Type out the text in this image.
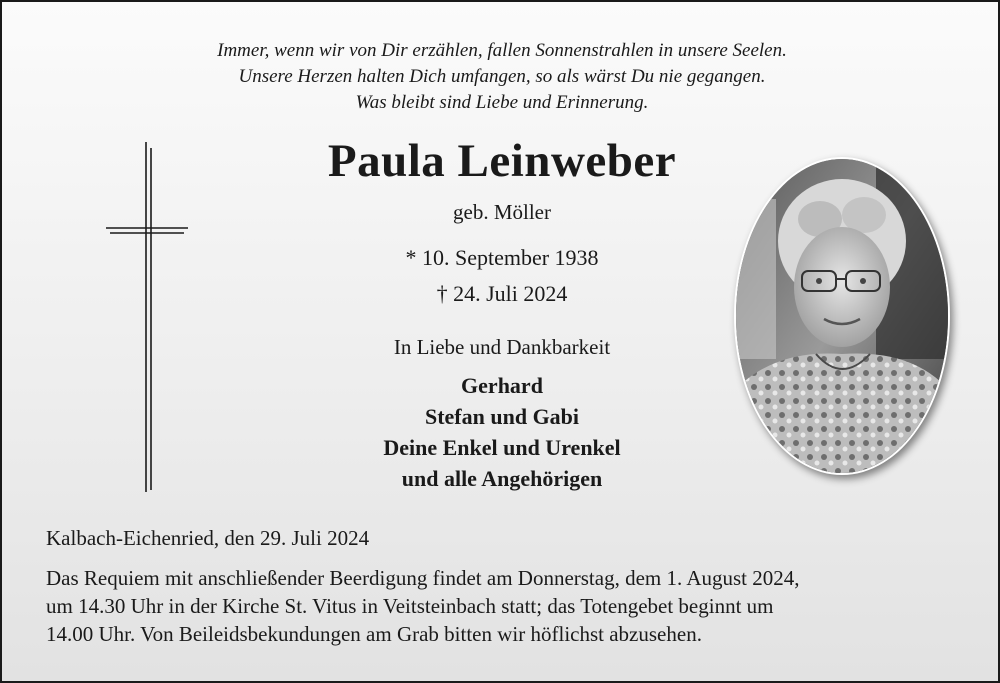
Immer, wenn wir von Dir erzählen, fallen Sonnenstrahlen in unsere Seelen.
Unsere Herzen halten Dich umfangen, so als wärst Du nie gegangen.
Was bleibt sind Liebe und Erinnerung.
Paula Leinweber
geb. Möller
* 10. September 1938
† 24. Juli 2024
In Liebe und Dankbarkeit
Gerhard
Stefan und Gabi
Deine Enkel und Urenkel
und alle Angehörigen
Kalbach-Eichenried, den 29. Juli 2024
Das Requiem mit anschließender Beerdigung findet am Donnerstag, dem 1. August 2024,
um 14.30 Uhr in der Kirche St. Vitus in Veitsteinbach statt; das Totengebet beginnt um
14.00 Uhr. Von Beileidsbekundungen am Grab bitten wir höflichst abzusehen.
